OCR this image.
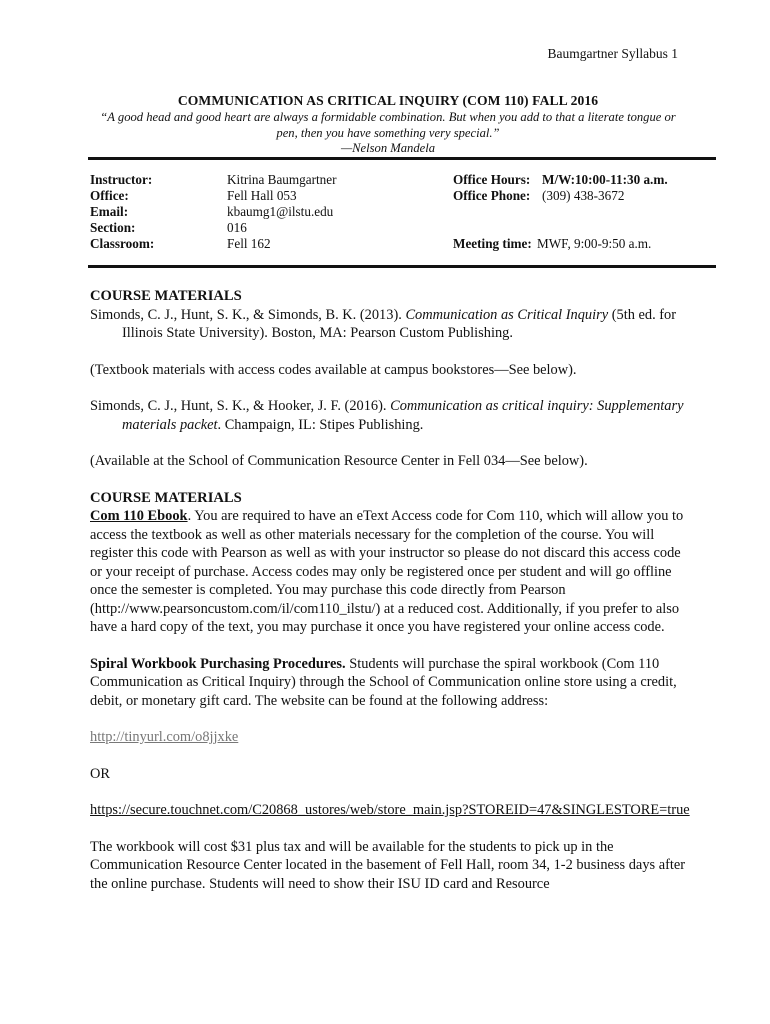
Baumgartner Syllabus 1
COMMUNICATION AS CRITICAL INQUIRY (COM 110) FALL 2016
“A good head and good heart are always a formidable combination. But when you add to that a literate tongue or
pen, then you have something very special.”
—Nelson Mandela
Instructor:	Kitrina Baumgartner	Office Hours: M/W:10:00-11:30 a.m.
Office:	Fell Hall 053	Office Phone: (309) 438-3672
Email:	kbaumg1@ilstu.edu
Section:	016
Classroom:	Fell 162	Meeting time: MWF, 9:00-9:50 a.m.

COURSE MATERIALS

Simonds, C. J., Hunt, S. K., & Simonds, B. K. (2013). Communication as Critical Inquiry (5th ed. for Illinois State University). Boston, MA: Pearson Custom Publishing.

(Textbook materials with access codes available at campus bookstores—See below).

Simonds, C. J., Hunt, S. K., & Hooker, J. F. (2016). Communication as critical inquiry: Supplementary materials packet. Champaign, IL: Stipes Publishing.

(Available at the School of Communication Resource Center in Fell 034—See below).

COURSE MATERIALS

Com 110 Ebook. You are required to have an eText Access code for Com 110, which will allow you to access the textbook as well as other materials necessary for the completion of the course. You will register this code with Pearson as well as with your instructor so please do not discard this access code or your receipt of purchase. Access codes may only be registered once per student and will go offline once the semester is completed. You may purchase this code directly from Pearson (http://www.pearsoncustom.com/il/com110_ilstu/) at a reduced cost. Additionally, if you prefer to also have a hard copy of the text, you may purchase it once you have registered your online access code.

Spiral Workbook Purchasing Procedures. Students will purchase the spiral workbook (Com 110 Communication as Critical Inquiry) through the School of Communication online store using a credit, debit, or monetary gift card. The website can be found at the following address:

http://tinyurl.com/o8jjxke

OR

https://secure.touchnet.com/C20868_ustores/web/store_main.jsp?STOREID=47&SINGLESTORE=true

The workbook will cost $31 plus tax and will be available for the students to pick up in the Communication Resource Center located in the basement of Fell Hall, room 34, 1-2 business days after the online purchase. Students will need to show their ISU ID card and Resource
